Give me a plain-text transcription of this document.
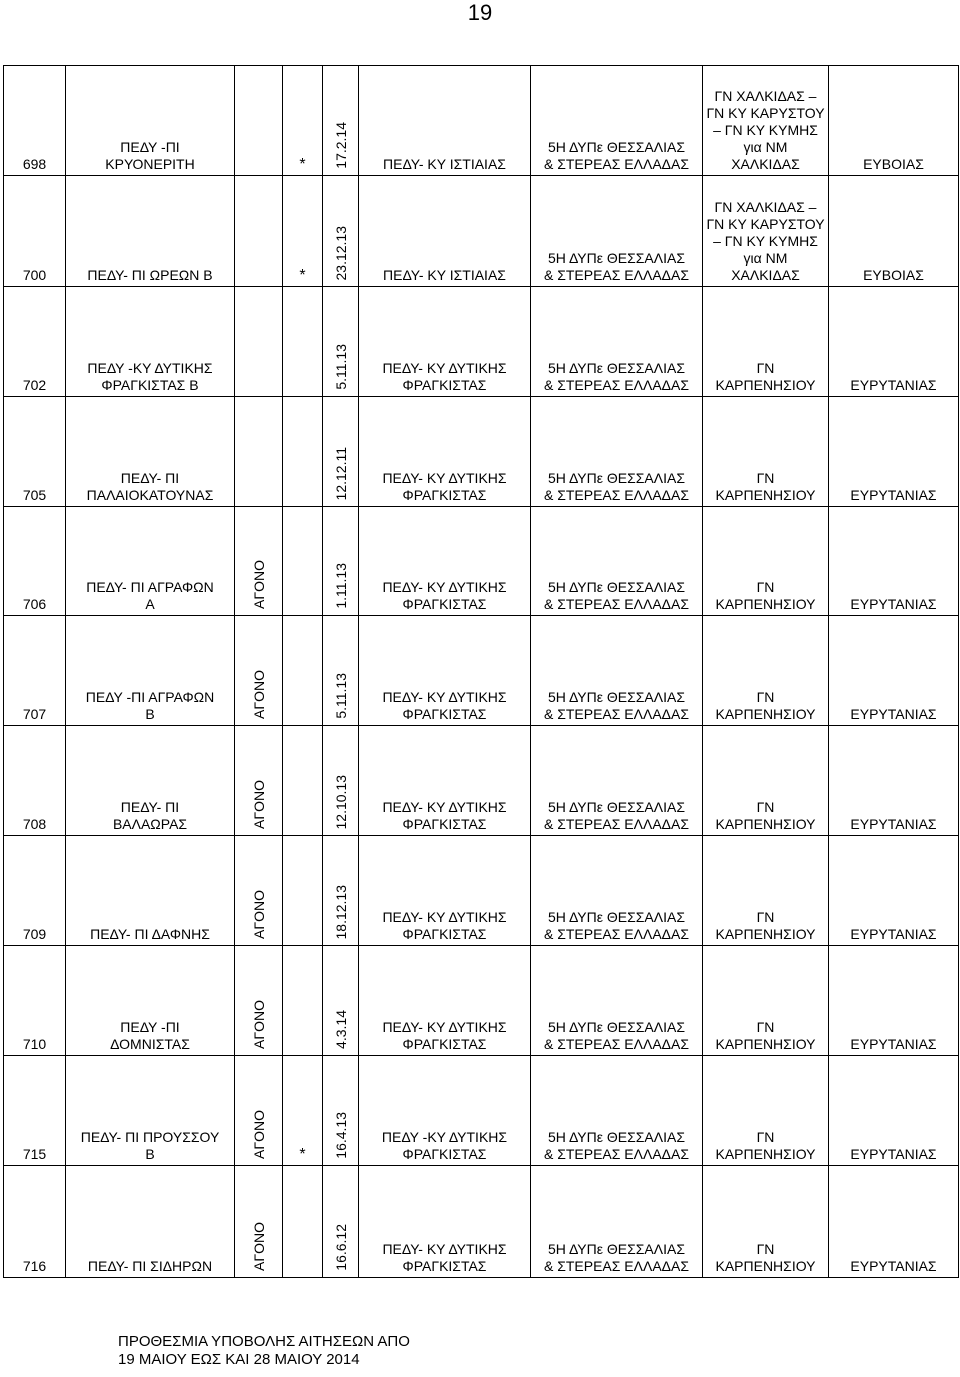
19
698	ΠΕΔΥ -ΠΙ
ΚΡΥΟΝΕΡΙΤΗ		*	17.2.14	ΠΕΔΥ- ΚΥ ΙΣΤΙΑΙΑΣ	5Η ΔΥΠε ΘΕΣΣΑΛΙΑΣ
& ΣΤΕΡΕΑΣ ΕΛΛΑΔΑΣ	ΓΝ ΧΑΛΚΙΔΑΣ –
ΓΝ ΚΥ ΚΑΡΥΣΤΟΥ
– ΓΝ ΚΥ ΚΥΜΗΣ
για ΝΜ
ΧΑΛΚΙΔΑΣ	ΕΥΒΟΙΑΣ
700	ΠΕΔΥ- ΠΙ ΩΡΕΩΝ Β		*	23.12.13	ΠΕΔΥ- ΚΥ ΙΣΤΙΑΙΑΣ	5Η ΔΥΠε ΘΕΣΣΑΛΙΑΣ
& ΣΤΕΡΕΑΣ ΕΛΛΑΔΑΣ	ΓΝ ΧΑΛΚΙΔΑΣ –
ΓΝ ΚΥ ΚΑΡΥΣΤΟΥ
– ΓΝ ΚΥ ΚΥΜΗΣ
για ΝΜ
ΧΑΛΚΙΔΑΣ	ΕΥΒΟΙΑΣ
702	ΠΕΔΥ -ΚΥ ΔΥΤΙΚΗΣ
ΦΡΑΓΚΙΣΤΑΣ Β			5.11.13	ΠΕΔΥ- ΚΥ ΔΥΤΙΚΗΣ
ΦΡΑΓΚΙΣΤΑΣ	5Η ΔΥΠε ΘΕΣΣΑΛΙΑΣ
& ΣΤΕΡΕΑΣ ΕΛΛΑΔΑΣ	ΓΝ
ΚΑΡΠΕΝΗΣΙΟΥ	ΕΥΡΥΤΑΝΙΑΣ
705	ΠΕΔΥ- ΠΙ
ΠΑΛΑΙΟΚΑΤΟΥΝΑΣ			12.12.11	ΠΕΔΥ- ΚΥ ΔΥΤΙΚΗΣ
ΦΡΑΓΚΙΣΤΑΣ	5Η ΔΥΠε ΘΕΣΣΑΛΙΑΣ
& ΣΤΕΡΕΑΣ ΕΛΛΑΔΑΣ	ΓΝ
ΚΑΡΠΕΝΗΣΙΟΥ	ΕΥΡΥΤΑΝΙΑΣ
706	ΠΕΔΥ- ΠΙ ΑΓΡΑΦΩΝ
Α	ΑΓΟΝΟ		1.11.13	ΠΕΔΥ- ΚΥ ΔΥΤΙΚΗΣ
ΦΡΑΓΚΙΣΤΑΣ	5Η ΔΥΠε ΘΕΣΣΑΛΙΑΣ
& ΣΤΕΡΕΑΣ ΕΛΛΑΔΑΣ	ΓΝ
ΚΑΡΠΕΝΗΣΙΟΥ	ΕΥΡΥΤΑΝΙΑΣ
707	ΠΕΔΥ -ΠΙ ΑΓΡΑΦΩΝ
Β	ΑΓΟΝΟ		5.11.13	ΠΕΔΥ- ΚΥ ΔΥΤΙΚΗΣ
ΦΡΑΓΚΙΣΤΑΣ	5Η ΔΥΠε ΘΕΣΣΑΛΙΑΣ
& ΣΤΕΡΕΑΣ ΕΛΛΑΔΑΣ	ΓΝ
ΚΑΡΠΕΝΗΣΙΟΥ	ΕΥΡΥΤΑΝΙΑΣ
708	ΠΕΔΥ- ΠΙ
ΒΑΛΑΩΡΑΣ	ΑΓΟΝΟ		12.10.13	ΠΕΔΥ- ΚΥ ΔΥΤΙΚΗΣ
ΦΡΑΓΚΙΣΤΑΣ	5Η ΔΥΠε ΘΕΣΣΑΛΙΑΣ
& ΣΤΕΡΕΑΣ ΕΛΛΑΔΑΣ	ΓΝ
ΚΑΡΠΕΝΗΣΙΟΥ	ΕΥΡΥΤΑΝΙΑΣ
709	ΠΕΔΥ- ΠΙ ΔΑΦΝΗΣ	ΑΓΟΝΟ		18.12.13	ΠΕΔΥ- ΚΥ ΔΥΤΙΚΗΣ
ΦΡΑΓΚΙΣΤΑΣ	5Η ΔΥΠε ΘΕΣΣΑΛΙΑΣ
& ΣΤΕΡΕΑΣ ΕΛΛΑΔΑΣ	ΓΝ
ΚΑΡΠΕΝΗΣΙΟΥ	ΕΥΡΥΤΑΝΙΑΣ
710	ΠΕΔΥ -ΠΙ
ΔΟΜΝΙΣΤΑΣ	ΑΓΟΝΟ		4.3.14	ΠΕΔΥ- ΚΥ ΔΥΤΙΚΗΣ
ΦΡΑΓΚΙΣΤΑΣ	5Η ΔΥΠε ΘΕΣΣΑΛΙΑΣ
& ΣΤΕΡΕΑΣ ΕΛΛΑΔΑΣ	ΓΝ
ΚΑΡΠΕΝΗΣΙΟΥ	ΕΥΡΥΤΑΝΙΑΣ
715	ΠΕΔΥ- ΠΙ ΠΡΟΥΣΣΟΥ
Β	ΑΓΟΝΟ	*	16.4.13	ΠΕΔΥ -ΚΥ ΔΥΤΙΚΗΣ
ΦΡΑΓΚΙΣΤΑΣ	5Η ΔΥΠε ΘΕΣΣΑΛΙΑΣ
& ΣΤΕΡΕΑΣ ΕΛΛΑΔΑΣ	ΓΝ
ΚΑΡΠΕΝΗΣΙΟΥ	ΕΥΡΥΤΑΝΙΑΣ
716	ΠΕΔΥ- ΠΙ ΣΙΔΗΡΩΝ	ΑΓΟΝΟ		16.6.12	ΠΕΔΥ- ΚΥ ΔΥΤΙΚΗΣ
ΦΡΑΓΚΙΣΤΑΣ	5Η ΔΥΠε ΘΕΣΣΑΛΙΑΣ
& ΣΤΕΡΕΑΣ ΕΛΛΑΔΑΣ	ΓΝ
ΚΑΡΠΕΝΗΣΙΟΥ	ΕΥΡΥΤΑΝΙΑΣ
ΠΡΟΘΕΣΜΙΑ ΥΠΟΒΟΛΗΣ ΑΙΤΗΣΕΩΝ ΑΠΟ
19 ΜΑΙΟΥ ΕΩΣ ΚΑΙ 28 ΜΑΙΟΥ 2014
